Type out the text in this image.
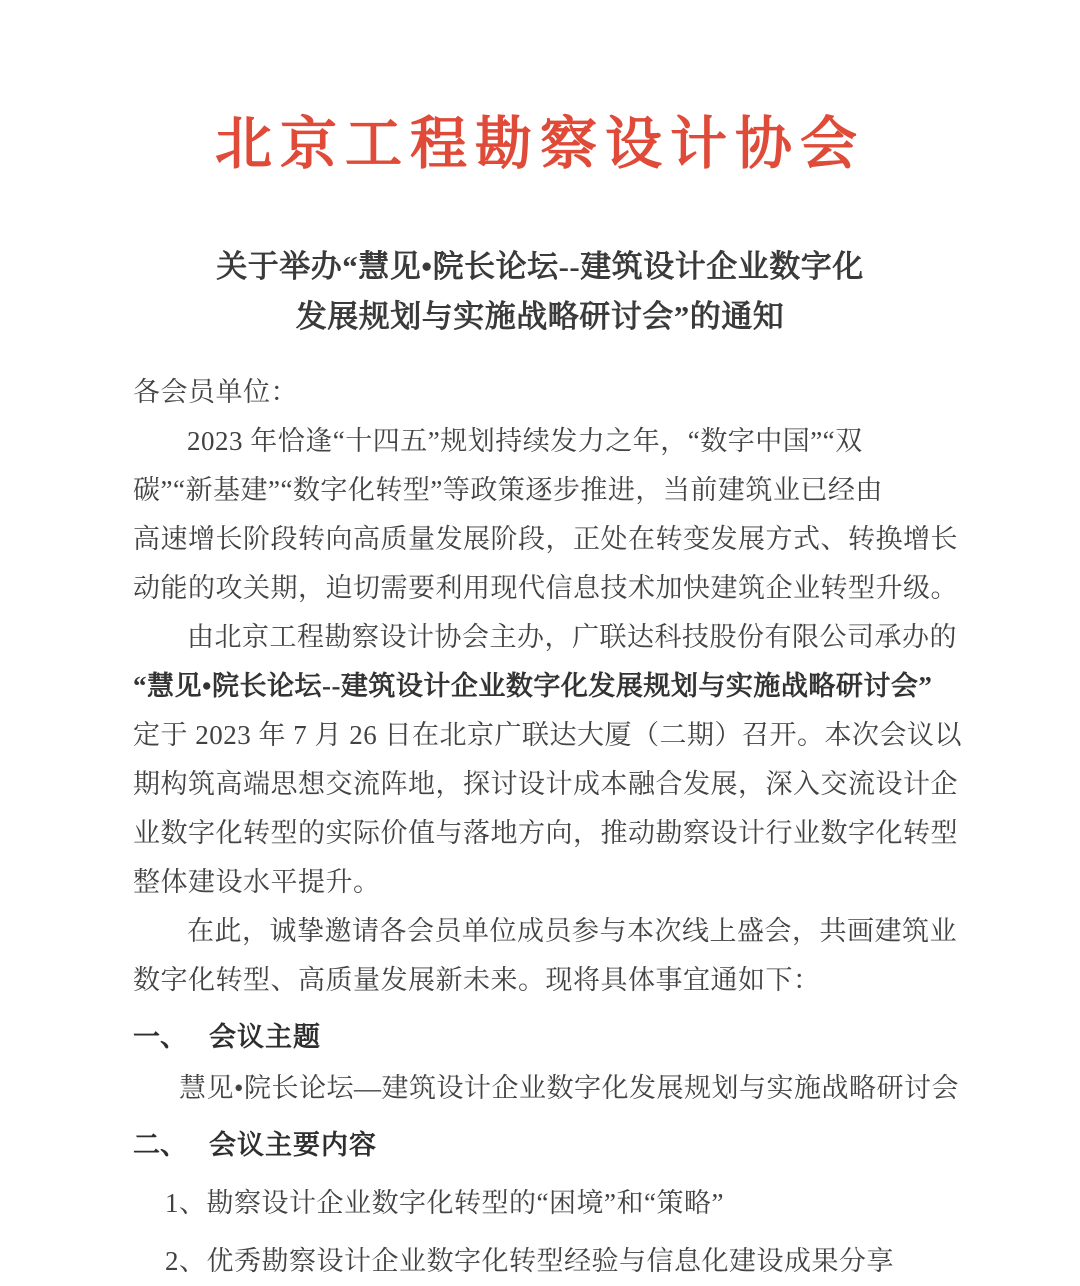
北京工程勘察设计协会
关于举办“慧见•院长论坛--建筑设计企业数字化
发展规划与实施战略研讨会”的通知
各会员单位：
2023 年恰逢“十四五”规划持续发力之年，“数字中国”“双
碳”“新基建”“数字化转型”等政策逐步推进，当前建筑业已经由
高速增长阶段转向高质量发展阶段，正处在转变发展方式、转换增长
动能的攻关期，迫切需要利用现代信息技术加快建筑企业转型升级。
由北京工程勘察设计协会主办，广联达科技股份有限公司承办的
“慧见•院长论坛--建筑设计企业数字化发展规划与实施战略研讨会”
定于 2023 年 7 月 26 日在北京广联达大厦（二期）召开。本次会议以
期构筑高端思想交流阵地，探讨设计成本融合发展，深入交流设计企
业数字化转型的实际价值与落地方向，推动勘察设计行业数字化转型
整体建设水平提升。
在此，诚挚邀请各会员单位成员参与本次线上盛会，共画建筑业
数字化转型、高质量发展新未来。现将具体事宜通如下：
一、 会议主题
慧见•院长论坛—建筑设计企业数字化发展规划与实施战略研讨会
二、 会议主要内容
1、勘察设计企业数字化转型的“困境”和“策略”
2、优秀勘察设计企业数字化转型经验与信息化建设成果分享
